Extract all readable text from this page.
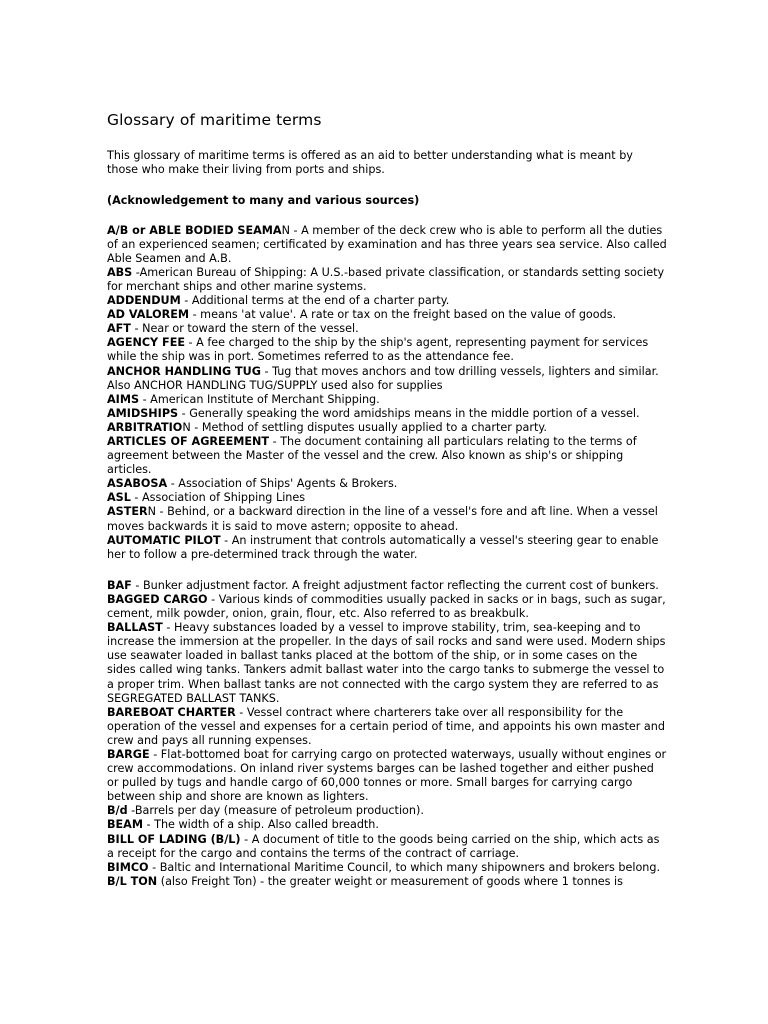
Glossary of maritime terms

This glossary of maritime terms is offered as an aid to better understanding what is meant by those who make their living from ports and ships.

(Acknowledgement to many and various sources)

A/B or ABLE BODIED SEAMAN - A member of the deck crew who is able to perform all the duties of an experienced seamen; certificated by examination and has three years sea service. Also called Able Seamen and A.B.

ABS -American Bureau of Shipping: A U.S.-based private classification, or standards setting society for merchant ships and other marine systems.

ADDENDUM - Additional terms at the end of a charter party.

AD VALOREM - means 'at value'. A rate or tax on the freight based on the value of goods.

AFT - Near or toward the stern of the vessel.

AGENCY FEE - A fee charged to the ship by the ship's agent, representing payment for services while the ship was in port. Sometimes referred to as the attendance fee.

ANCHOR HANDLING TUG - Tug that moves anchors and tow drilling vessels, lighters and similar. Also ANCHOR HANDLING TUG/SUPPLY used also for supplies

AIMS - American Institute of Merchant Shipping.

AMIDSHIPS - Generally speaking the word amidships means in the middle portion of a vessel.

ARBITRATION - Method of settling disputes usually applied to a charter party.

ARTICLES OF AGREEMENT - The document containing all particulars relating to the terms of agreement between the Master of the vessel and the crew. Also known as ship's or shipping articles.

ASABOSA - Association of Ships' Agents & Brokers.

ASL - Association of Shipping Lines

ASTERN - Behind, or a backward direction in the line of a vessel's fore and aft line. When a vessel moves backwards it is said to move astern; opposite to ahead.

AUTOMATIC PILOT - An instrument that controls automatically a vessel's steering gear to enable her to follow a pre-determined track through the water.

BAF - Bunker adjustment factor. A freight adjustment factor reflecting the current cost of bunkers.

BAGGED CARGO - Various kinds of commodities usually packed in sacks or in bags, such as sugar, cement, milk powder, onion, grain, flour, etc. Also referred to as breakbulk.

BALLAST - Heavy substances loaded by a vessel to improve stability, trim, sea-keeping and to increase the immersion at the propeller. In the days of sail rocks and sand were used. Modern ships use seawater loaded in ballast tanks placed at the bottom of the ship, or in some cases on the sides called wing tanks. Tankers admit ballast water into the cargo tanks to submerge the vessel to a proper trim. When ballast tanks are not connected with the cargo system they are referred to as SEGREGATED BALLAST TANKS.

BAREBOAT CHARTER - Vessel contract where charterers take over all responsibility for the operation of the vessel and expenses for a certain period of time, and appoints his own master and crew and pays all running expenses.

BARGE - Flat-bottomed boat for carrying cargo on protected waterways, usually without engines or crew accommodations. On inland river systems barges can be lashed together and either pushed or pulled by tugs and handle cargo of 60,000 tonnes or more. Small barges for carrying cargo between ship and shore are known as lighters.

B/d -Barrels per day (measure of petroleum production).

BEAM - The width of a ship. Also called breadth.

BILL OF LADING (B/L) - A document of title to the goods being carried on the ship, which acts as a receipt for the cargo and contains the terms of the contract of carriage.

BIMCO - Baltic and International Maritime Council, to which many shipowners and brokers belong.

B/L TON (also Freight Ton) - the greater weight or measurement of goods where 1 tonnes is
